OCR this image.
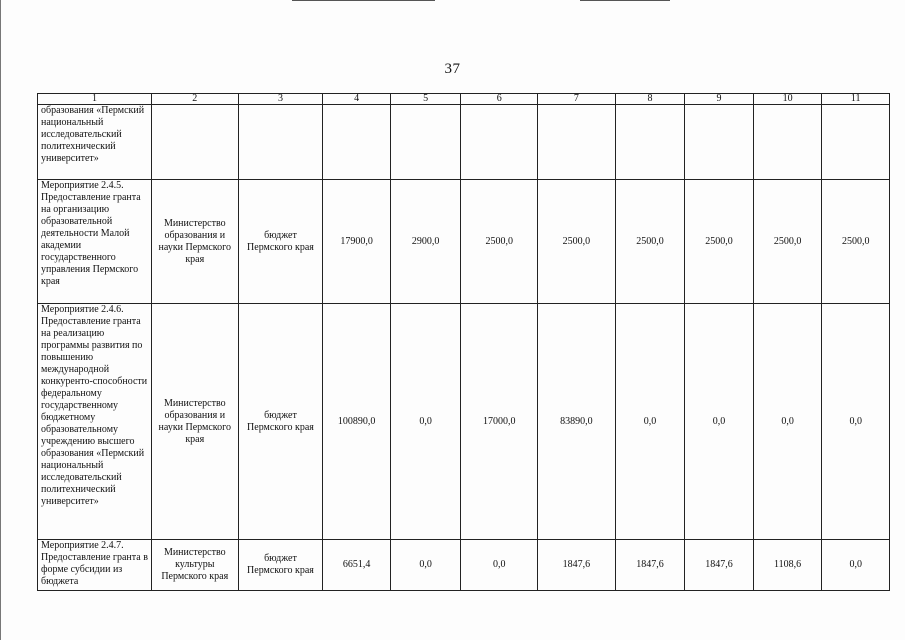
37
1	2	3	4	5	6	7	8	9	10	11
образования «Пермский национальный исследовательский политехнический университет»										
Мероприятие 2.4.5. Предоставление гранта на организацию образовательной деятельности Малой академии государственного управления Пермского края	Министерство образования и науки Пермского края	бюджет Пермского края	17900,0	2900,0	2500,0	2500,0	2500,0	2500,0	2500,0	2500,0
Мероприятие 2.4.6. Предоставление гранта на реализацию программы развития по повышению международной конкуренто-способности федеральному государственному бюджетному образовательному учреждению высшего образования «Пермский национальный исследовательский политехнический университет»	Министерство образования и науки Пермского края	бюджет Пермского края	100890,0	0,0	17000,0	83890,0	0,0	0,0	0,0	0,0
Мероприятие 2.4.7. Предоставление гранта в форме субсидии из бюджета	Министерство культуры Пермского края	бюджет Пермского края	6651,4	0,0	0,0	1847,6	1847,6	1847,6	1108,6	0,0
